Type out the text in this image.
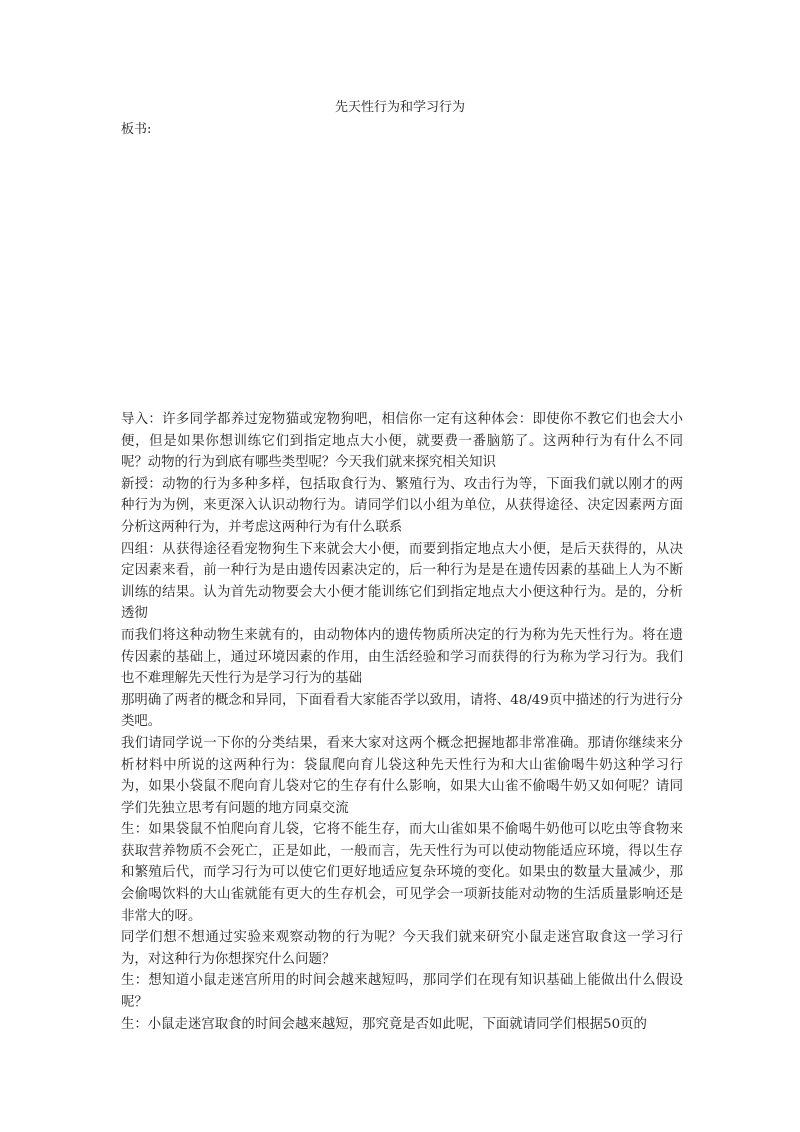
先天性行为和学习行为
板书:

导入：许多同学都养过宠物猫或宠物狗吧，相信你一定有这种体会：即使你不教它们也会大小便，但是如果你想训练它们到指定地点大小便，就要费一番脑筋了。这两种行为有什么不同呢？动物的行为到底有哪些类型呢？今天我们就来探究相关知识

新授：动物的行为多种多样，包括取食行为、繁殖行为、攻击行为等，下面我们就以刚才的两种行为为例，来更深入认识动物行为。请同学们以小组为单位，从获得途径、决定因素两方面分析这两种行为，并考虑这两种行为有什么联系

四组：从获得途径看宠物狗生下来就会大小便，而要到指定地点大小便，是后天获得的，从决定因素来看，前一种行为是由遗传因素决定的，后一种行为是是在遗传因素的基础上人为不断训练的结果。认为首先动物要会大小便才能训练它们到指定地点大小便这种行为。是的，分析透彻

而我们将这种动物生来就有的，由动物体内的遗传物质所决定的行为称为先天性行为。将在遗传因素的基础上，通过环境因素的作用，由生活经验和学习而获得的行为称为学习行为。我们也不难理解先天性行为是学习行为的基础

那明确了两者的概念和异同，下面看看大家能否学以致用，请将、48/49页中描述的行为进行分类吧。

我们请同学说一下你的分类结果，看来大家对这两个概念把握地都非常准确。那请你继续来分析材料中所说的这两种行为：袋鼠爬向育儿袋这种先天性行为和大山雀偷喝牛奶这种学习行为，如果小袋鼠不爬向育儿袋对它的生存有什么影响，如果大山雀不偷喝牛奶又如何呢？请同学们先独立思考有问题的地方同桌交流

生：如果袋鼠不怕爬向育儿袋，它将不能生存，而大山雀如果不偷喝牛奶他可以吃虫等食物来获取营养物质不会死亡，正是如此，一般而言，先天性行为可以使动物能适应环境，得以生存和繁殖后代，而学习行为可以使它们更好地适应复杂环境的变化。如果虫的数量大量减少，那会偷喝饮料的大山雀就能有更大的生存机会，可见学会一项新技能对动物的生活质量影响还是非常大的呀。

同学们想不想通过实验来观察动物的行为呢？今天我们就来研究小鼠走迷宫取食这一学习行为，对这种行为你想探究什么问题？

生：想知道小鼠走迷宫所用的时间会越来越短吗，那同学们在现有知识基础上能做出什么假设呢？

生：小鼠走迷宫取食的时间会越来越短，那究竟是否如此呢，下面就请同学们根据50页的
